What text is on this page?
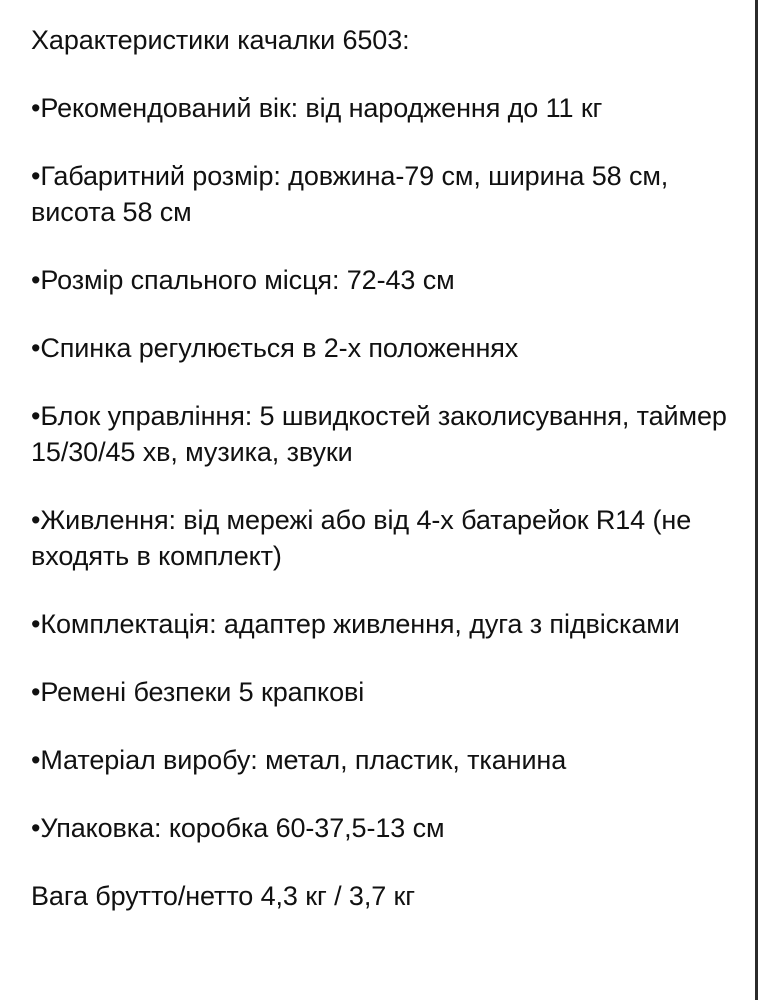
Характеристики качалки 6503:

•Рекомендований вік: від народження до 11 кг

•Габаритний розмір: довжина-79 см, ширина 58 см, висота 58 см

•Розмір спального місця: 72-43 см

•Спинка регулюється в 2-х положеннях

•Блок управління: 5 швидкостей заколисування, таймер 15/30/45 хв, музика, звуки

•Живлення: від мережі або від 4-х батарейок R14 (не входять в комплект)

•Комплектація: адаптер живлення, дуга з підвісками

•Ремені безпеки 5 крапкові

•Матеріал виробу: метал, пластик, тканина

•Упаковка: коробка 60-37,5-13 см

Вага брутто/нетто 4,3 кг / 3,7 кг
